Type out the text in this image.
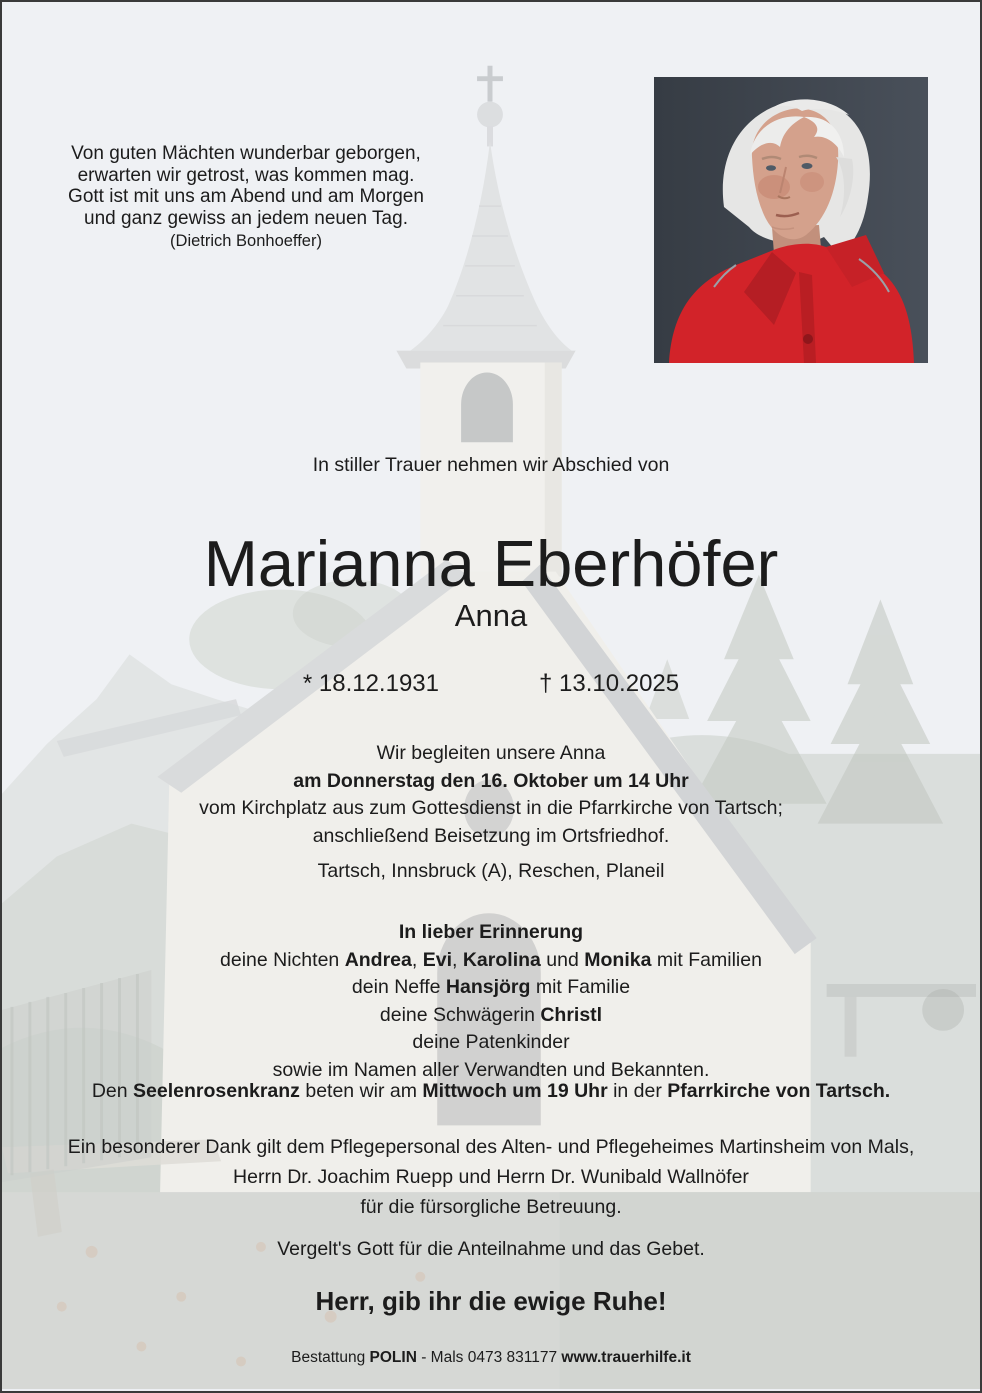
Von guten Mächten wunderbar geborgen,
erwarten wir getrost, was kommen mag.
Gott ist mit uns am Abend und am Morgen
und ganz gewiss an jedem neuen Tag.
(Dietrich Bonhoeffer)
In stiller Trauer nehmen wir Abschied von
Marianna Eberhöfer
Anna
* 18.12.1931	† 13.10.2025
Wir begleiten unsere Anna
am Donnerstag den 16. Oktober um 14 Uhr
vom Kirchplatz aus zum Gottesdienst in die Pfarrkirche von Tartsch;
anschließend Beisetzung im Ortsfriedhof.
Tartsch, Innsbruck (A), Reschen, Planeil
In lieber Erinnerung
deine Nichten Andrea, Evi, Karolina und Monika mit Familien
dein Neffe Hansjörg mit Familie
deine Schwägerin Christl
deine Patenkinder
sowie im Namen aller Verwandten und Bekannten.
Den Seelenrosenkranz beten wir am Mittwoch um 19 Uhr in der Pfarrkirche von Tartsch.
Ein besonderer Dank gilt dem Pflegepersonal des Alten- und Pflegeheimes Martinsheim von Mals,
Herrn Dr. Joachim Ruepp und Herrn Dr. Wunibald Wallnöfer
für die fürsorgliche Betreuung.
Vergelt's Gott für die Anteilnahme und das Gebet.
Herr, gib ihr die ewige Ruhe!
Bestattung POLIN - Mals 0473 831177 www.trauerhilfe.it
